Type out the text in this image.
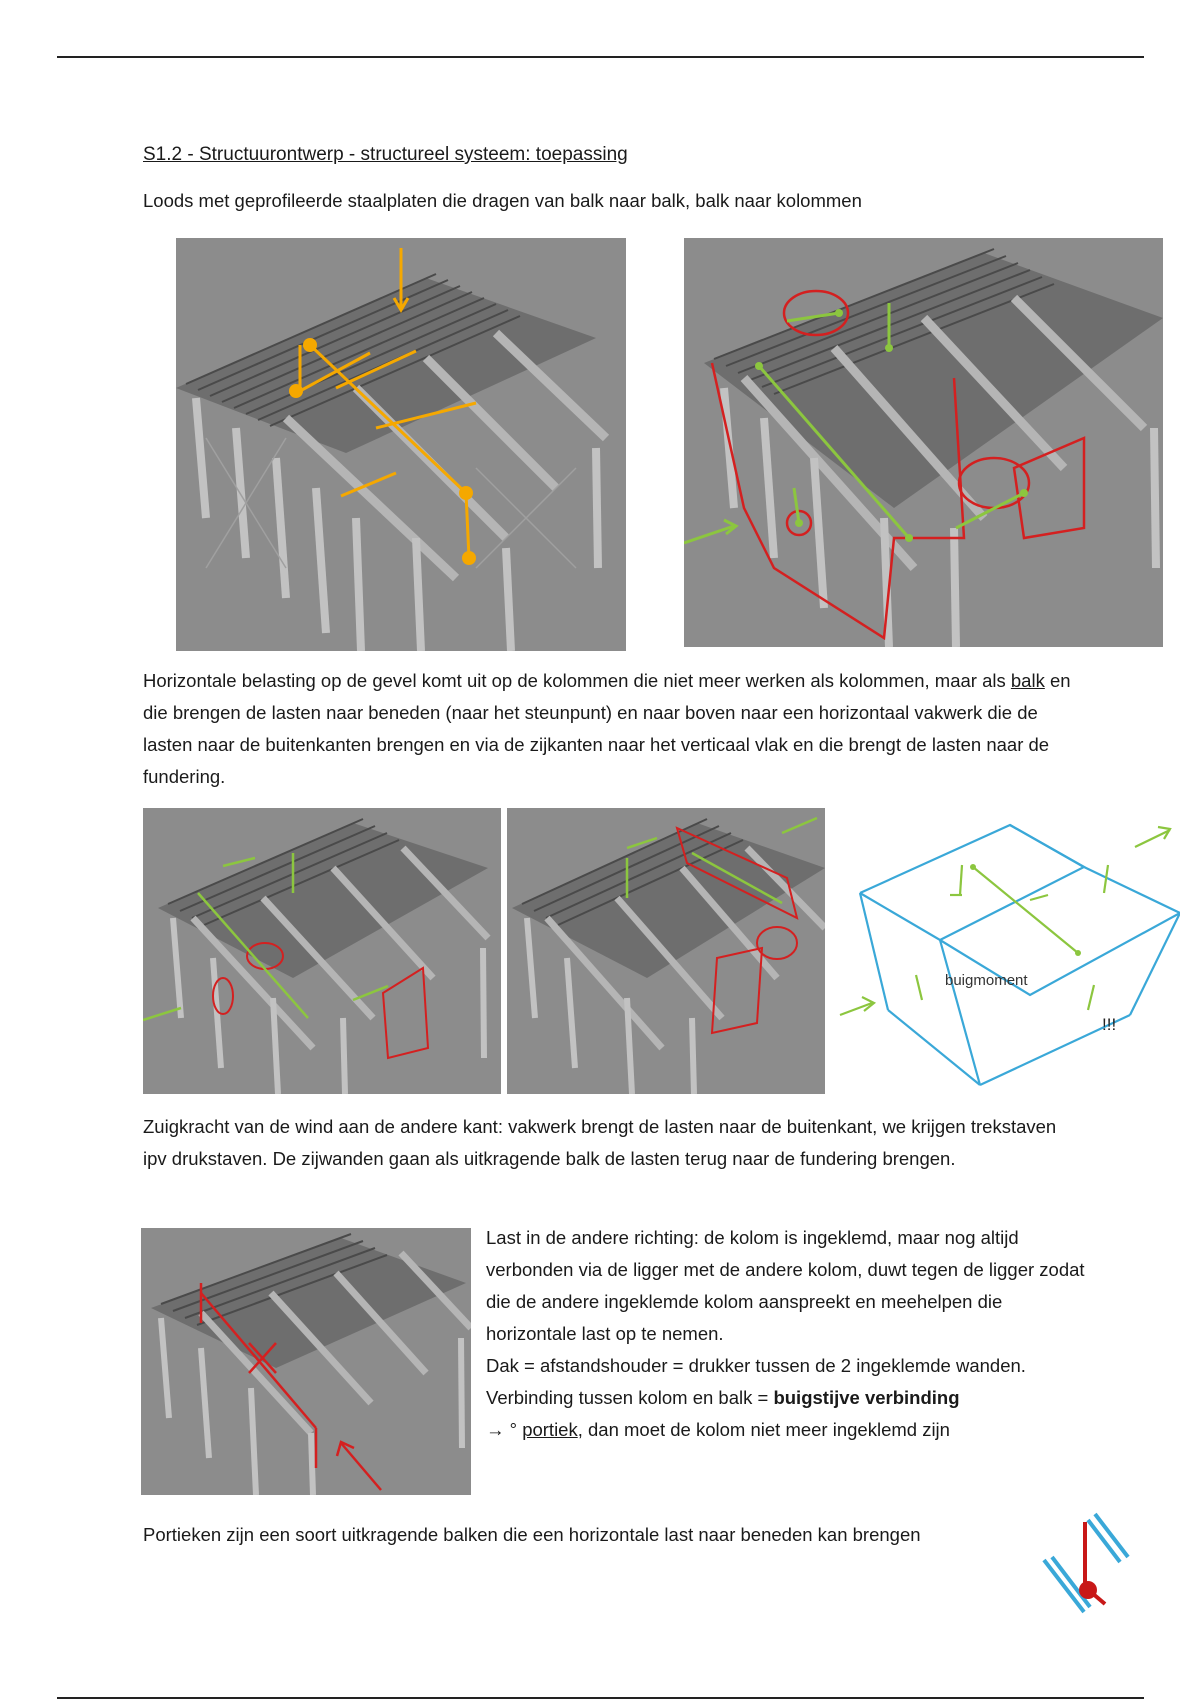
S1.2 - Structuurontwerp - structureel systeem: toepassing
Loods met geprofileerde staalplaten die dragen van balk naar balk, balk naar kolommen
Horizontale belasting op de gevel komt uit op de kolommen die niet meer werken als kolommen, maar als balk en die brengen de lasten naar beneden (naar het steunpunt) en naar boven naar een horizontaal vakwerk die de lasten naar de buitenkanten brengen en via de zijkanten naar het verticaal vlak en die brengt de lasten naar de fundering.
buigmoment
!!!
Zuigkracht van de wind aan de andere kant: vakwerk brengt de lasten naar de buitenkant, we krijgen trekstaven ipv drukstaven. De zijwanden gaan als uitkragende balk de lasten terug naar de fundering brengen.
Last in de andere richting: de kolom is ingeklemd, maar nog altijd verbonden via de ligger met de andere kolom, duwt tegen de ligger zodat die de andere ingeklemde kolom aanspreekt en meehelpen die horizontale last op te nemen.
Dak = afstandshouder = drukker tussen de 2 ingeklemde wanden.
Verbinding tussen kolom en balk = buigstijve verbinding
→ ° portiek, dan moet de kolom niet meer ingeklemd zijn
Portieken zijn een soort uitkragende balken die een horizontale last naar beneden kan brengen
